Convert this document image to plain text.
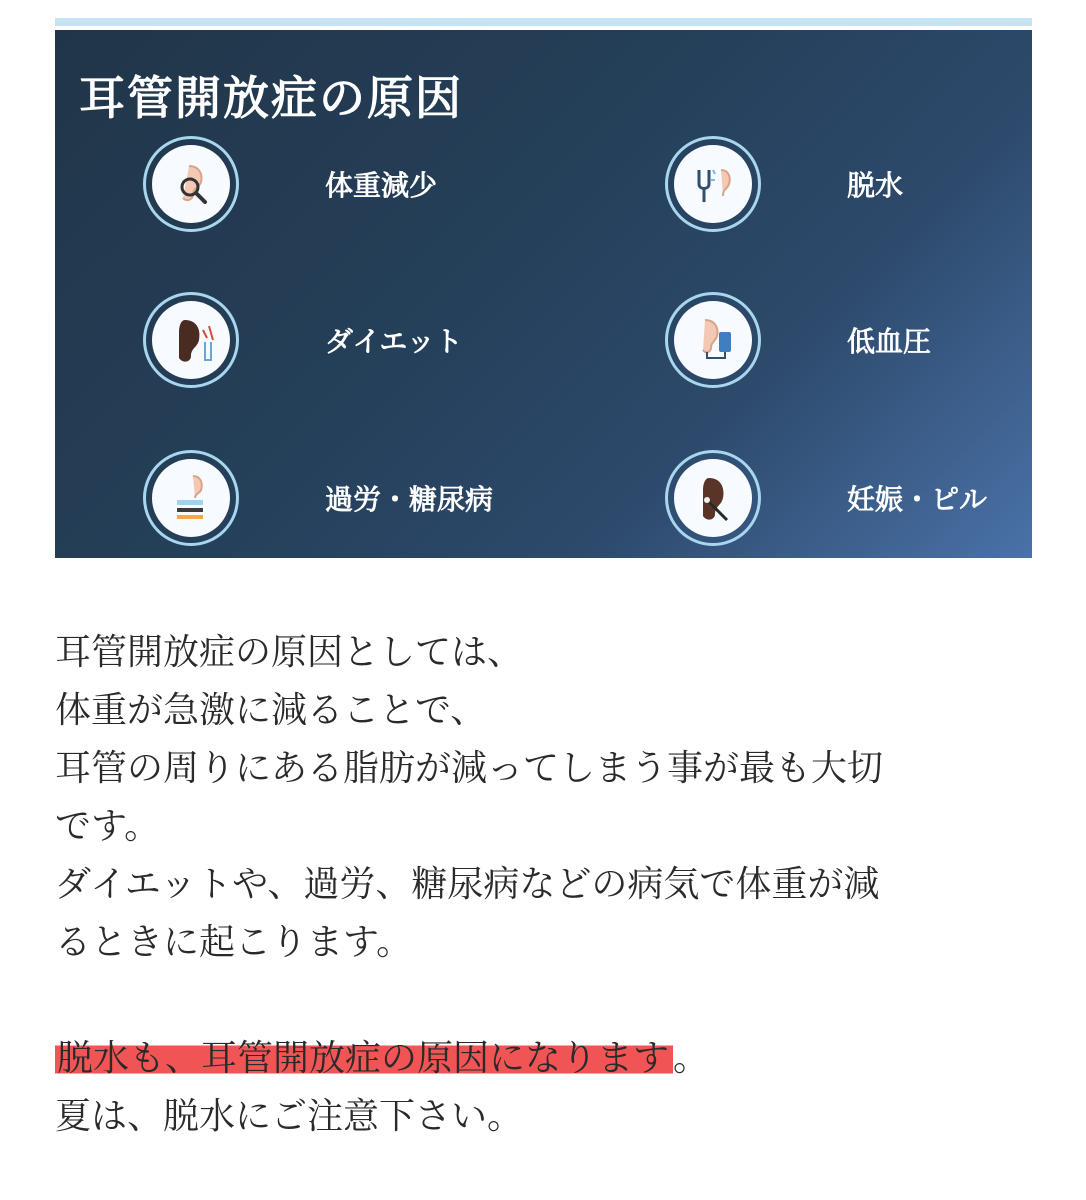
耳管開放症の原因
体重減少
ダイエット
過労・糖尿病
脱水
低血圧
妊娠・ピル

耳管開放症の原因としては、

体重が急激に減ることで、

耳管の周りにある脂肪が減ってしまう事が最も大切

です。

ダイエットや、過労、糖尿病などの病気で体重が減

るときに起こります。

脱水も、耳管開放症の原因になります 。

夏は、脱水にご注意下さい。
